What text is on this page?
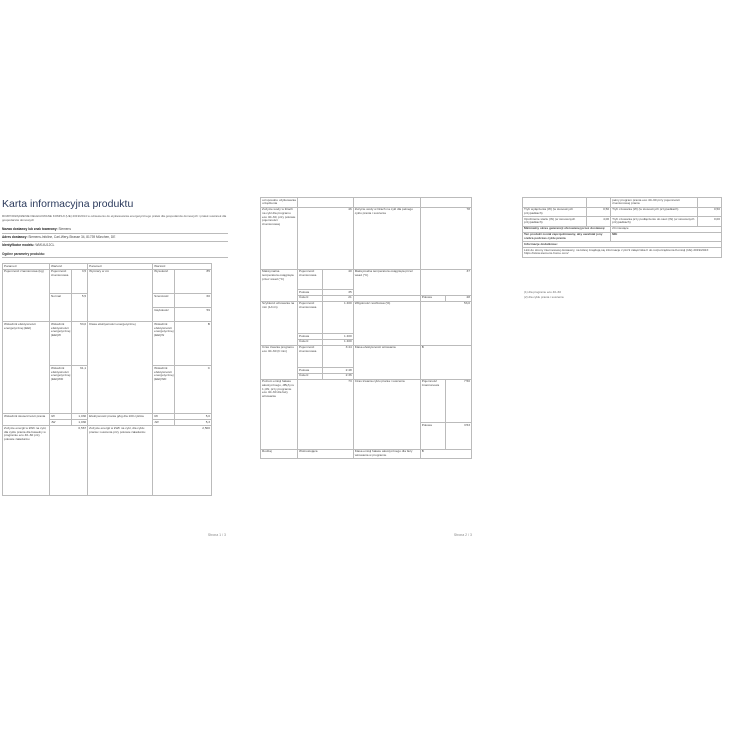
Karta informacyjna produktu
ROZPORZĄDZENIE DELEGOWANE KOMISJI (UE) 2019/2014 w odniesieniu do etykietowania energetycznego pralek dla gospodarstw domowych i pralek suszarek dla gospodarstw domowych
Nazwa dostawcy lub znak towarowy: Siemens
Adres dostawcy: Siemens-Infoline, Carl-Wery-Strasse 34, 81739 München, DE
Identyfikator modelu: WM14U12CL
Ogólne parametry produktu:
Parametr	Wartość		Parametr	Wartość	
Pojemność znamionowa (kg)	Pojemność znamionowa	3,5	Wymiary w cm	Wysokość	85
	Normal	5,5		Szerokość	60
				Głębokość	59
Wskaźnik efektywności energetycznej (EEI)	Wskaźnik efektywności energetycznej (EEI)W	53,0	Klasa efektywności energetycznej	Wskaźnik efektywności energetycznej (EEI)W	B
	Wskaźnik efektywności energetycznej (EEI)WD	61,1		Wskaźnik efektywności energetycznej (EEI)WD	C
Wskaźnik skuteczności prania	IW	1,030	Efektywność prania g/kg dla 100 cyklów	IW	5,0
	JW	1,030		JW	5,3
Zużycie energii w kWh na cykl, dla cyklu prania dla bawełny w programie eco 40–60 przy połowie załadunku	0,567		Zużycie energii w kWh na cykl, dla cyklu prania i suszenia przy połowie załadunku	2,500	
Strona 1 / 3
od sposobu użytkowania urządzenia					
Zużycie wody w litrach na cykl dla programu eco 40–60, przy połowie pojemności znamionowej	46		Zużycie wody w litrach na cykl dla pełnego cyklu prania i suszenia	78	
Maksymalna temperatura osiągnięta przez wsad (°C)	Pojemność znamionowa	40	Maksymalna temperatura osiągnięta przez wsad (°C)	37	
	Połowa	35			
	Ćwierć	21		Połowa	28
Szybkość wirowania na min (1/min)	Pojemność znamionowa	1 400	Wilgotność resztkowa (%)	53,0	
	Połowa	1 400			
	Ćwierć	1 400			
Czas trwania programu eco 40–60 (h:min)	Pojemność znamionowa	3:44	Klasa efektywności wirowania	B	
	Połowa	2:48			
	Ćwierć	2:36			
Poziom emisji hałasu akustycznego, dB(A) re 1 pW, przy programie eco 40–60 dla fazy wirowania	73		Czas trwania cyklu prania i suszenia	Pojemność znamionowa	7:50
				Połowa	3:53
Rodzaj	Wolnostojąca		Klasa emisji hałasu akustycznego dla fazy wirowania w programie	B	
Strona 2 / 3
		pełny program prania eco 40–60 przy pojemności znamionowej prania	
Tryb wyłączenia (W) (w stosownych przypadkach)	0,50	Tryb czuwania (W) (w stosownych przypadkach)	0,50
Opóźnienie startu (W) (w stosownych przypadkach)	4,00	Tryb czuwania przy podłączeniu do sieci (W) (w stosownych przypadkach)	0,00
Minimalny okres gwarancji oferowanej przez dostawcę:		24 miesiące	
Ten produkt został zaprojektowany, aby uwalniał jony srebra podczas cyklu prania		NIE	
Informacje dodatkowe:			
Link do strony internetowej dostawcy, na której znajdują się informacje z pkt 9 załącznika II do rozporządzenia Komisji (UE) 2019/2023: https://www.siemens-home.com/			
(1) dla programu eco 40–60
(2) dla cyklu prania i suszenia
